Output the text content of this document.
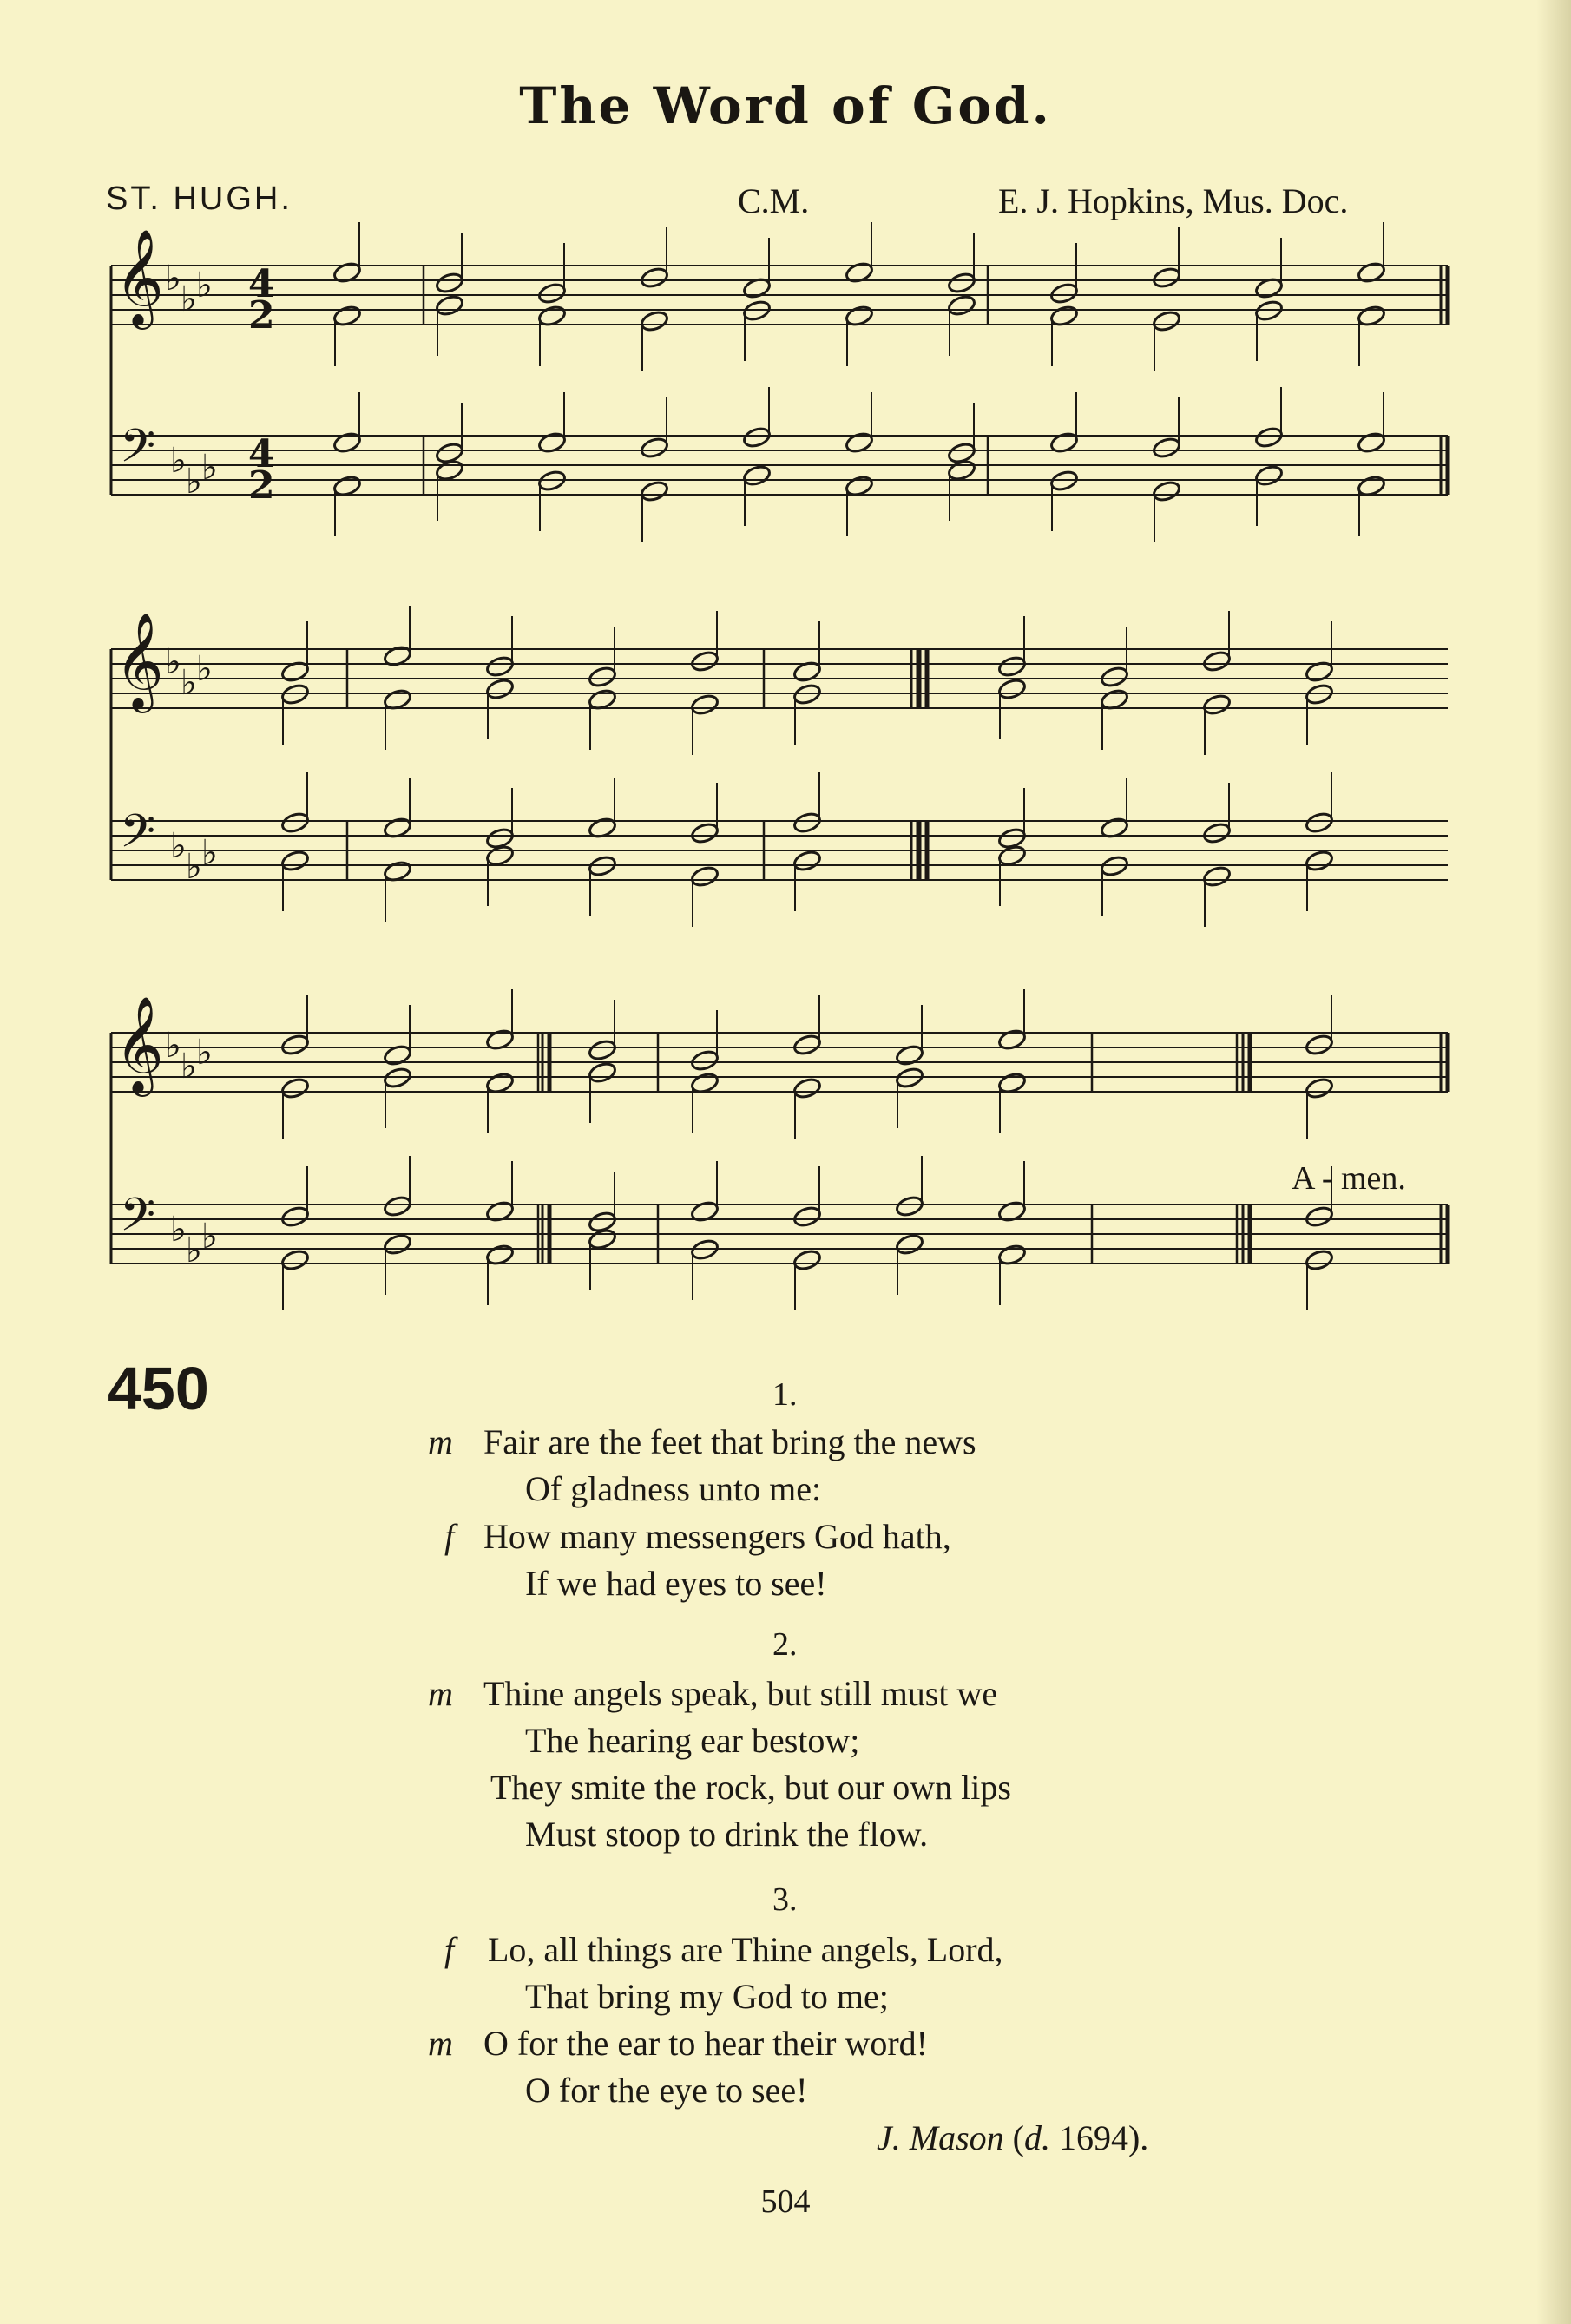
The Word of God.
ST. HUGH.	C.M.	E. J. Hopkins, Mus. Doc.
𝄞
𝄢
♭
♭ ♭
♭
♭ ♭
4
2
4
2
𝄞
𝄢
♭
♭ ♭
♭
♭ ♭
𝄞
𝄢
♭
♭ ♭
♭
♭ ♭
A - men.
450	1.
m Fair are the feet that bring the news
Of gladness unto me:
f How many messengers God hath,
If we had eyes to see!
2.
m Thine angels speak, but still must we
The hearing ear bestow;
They smite the rock, but our own lips
Must stoop to drink the flow.
3.
f Lo, all things are Thine angels, Lord,
That bring my God to me;
m O for the ear to hear their word!
O for the eye to see!
J. Mason (d. 1694).
504
